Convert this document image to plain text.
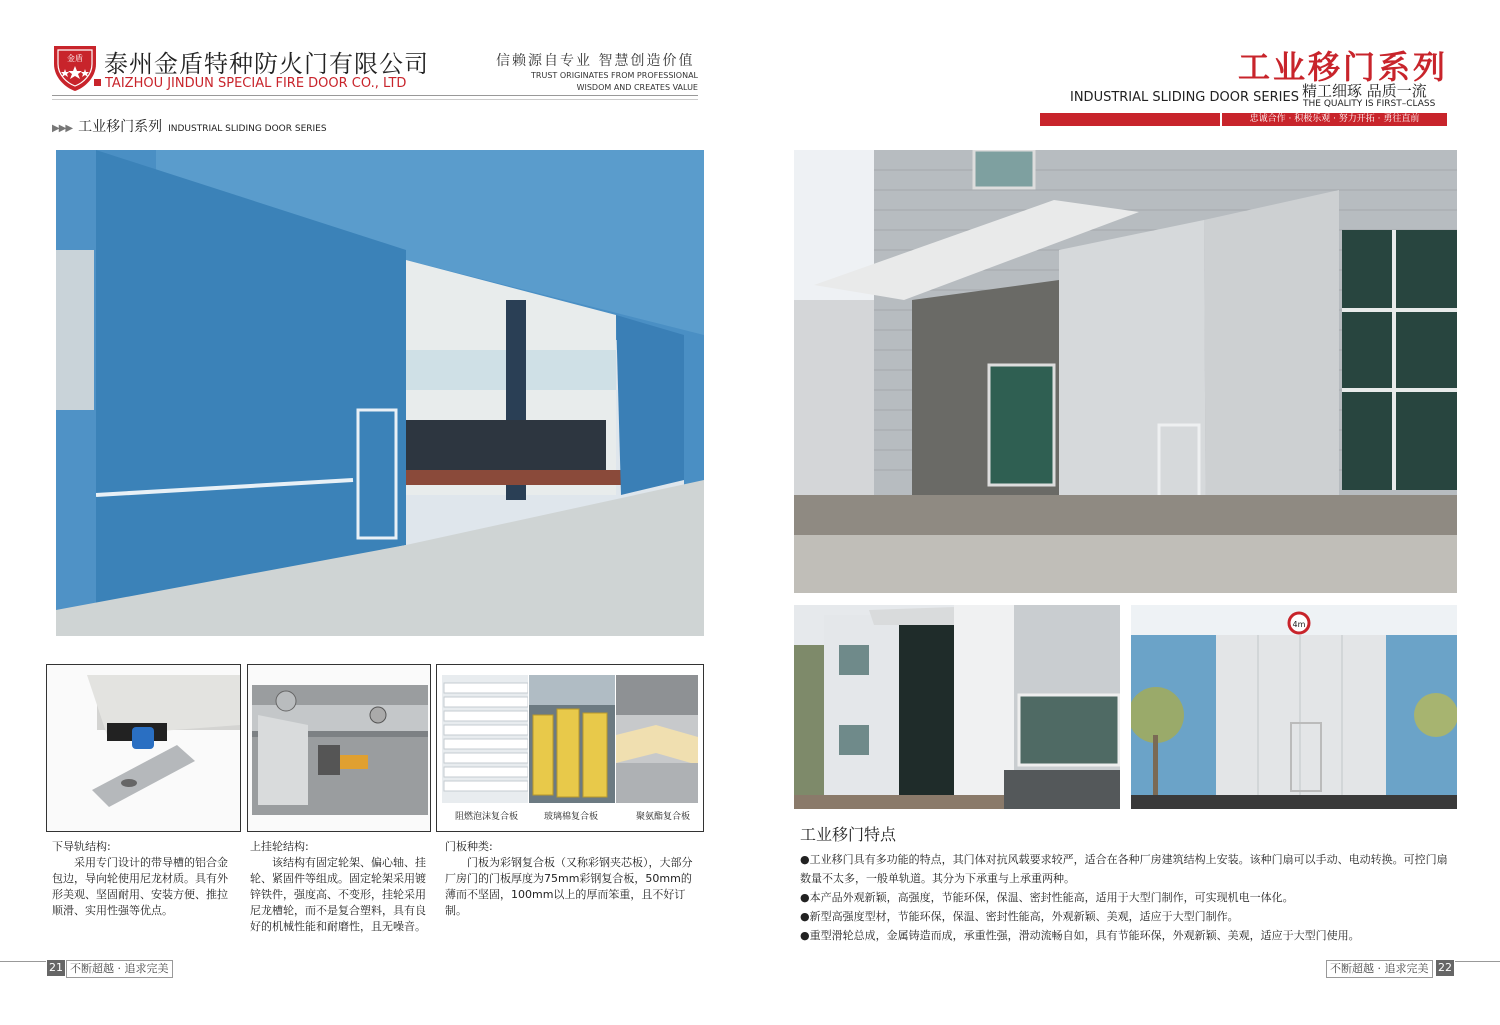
金盾 泰州金盾特种防火门有限公司
TAIZHOU JINDUN SPECIAL FIRE DOOR CO., LTD
信赖源自专业 智慧创造价值
TRUST ORIGINATES FROM PROFESSIONAL
WISDOM AND CREATES VALUE
▶▶▶ 工业移门系列 INDUSTRIAL SLIDING DOOR SERIES
阻燃泡沫复合板	玻璃棉复合板	聚氨酯复合板
下导轨结构:
采用专门设计的带导槽的铝合金包边，导向轮使用尼龙材质。具有外形美观、坚固耐用、安装方便、推拉顺滑、实用性强等优点。
上挂轮结构:
该结构有固定轮架、偏心轴、挂轮、紧固件等组成。固定轮架采用镀锌铁件，强度高、不变形，挂轮采用尼龙槽轮，而不是复合塑料，具有良好的机械性能和耐磨性，且无噪音。
门板种类:
门板为彩钢复合板（又称彩钢夹芯板），大部分厂房门的门板厚度为75mm彩钢复合板，50mm的薄而不坚固，100mm以上的厚而笨重，且不好订制。
工业移门系列
INDUSTRIAL SLIDING DOOR SERIES 精工细琢 品质一流
THE QUALITY IS FIRST–CLASS
忠诚合作 · 积极乐观 · 努力开拓 · 勇往直前
4m
工业移门特点
●工业移门具有多功能的特点，其门体对抗风载要求较严，适合在各种厂房建筑结构上安装。该种门扇可以手动、电动转换。可控门扇数量不太多，一般单轨道。其分为下承重与上承重两种。
●本产品外观新颖，高强度，节能环保，保温、密封性能高，适用于大型门制作，可实现机电一体化。
●新型高强度型材，节能环保，保温、密封性能高，外观新颖、美观，适应于大型门制作。
●重型滑轮总成，金属铸造而成，承重性强，滑动流畅自如，具有节能环保，外观新颖、美观，适应于大型门使用。
21 不断超越 · 追求完美	不断超越 · 追求完美 22
